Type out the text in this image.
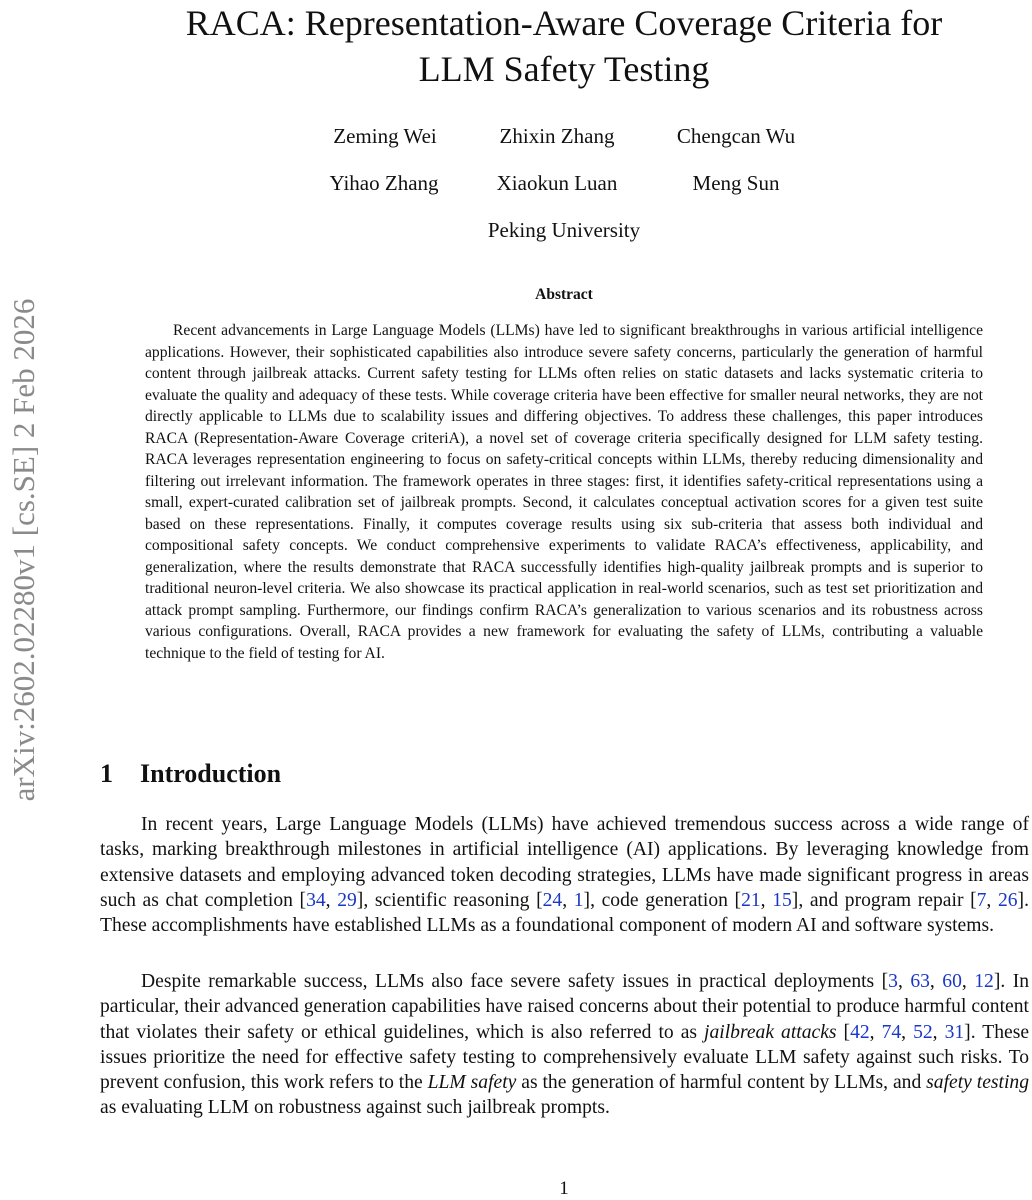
arXiv:2602.02280v1 [cs.SE] 2 Feb 2026
RACA: Representation-Aware Coverage Criteria for
LLM Safety Testing
Zeming Wei	Zhixin Zhang	Chengcan Wu
Yihao Zhang	Xiaokun Luan	Meng Sun
Peking University
Abstract

Recent advancements in Large Language Models (LLMs) have led to significant breakthroughs in various artificial intelligence applications. However, their sophisticated capabilities also introduce severe safety concerns, particularly the generation of harmful content through jailbreak attacks. Current safety testing for LLMs often relies on static datasets and lacks systematic criteria to evaluate the quality and adequacy of these tests. While coverage criteria have been effective for smaller neural networks, they are not directly applicable to LLMs due to scalability issues and differing objectives. To address these challenges, this paper introduces RACA (Representation-Aware Coverage criteriA), a novel set of coverage criteria specifically designed for LLM safety testing. RACA leverages representation engineering to focus on safety-critical concepts within LLMs, thereby reducing dimensionality and filtering out irrelevant information. The framework operates in three stages: first, it identifies safety-critical representations using a small, expert-curated calibration set of jailbreak prompts. Second, it calculates conceptual activation scores for a given test suite based on these representations. Finally, it computes coverage results using six sub-criteria that assess both individual and compositional safety concepts. We conduct comprehensive experiments to validate RACA’s effectiveness, applicability, and generalization, where the results demonstrate that RACA successfully identifies high-quality jailbreak prompts and is superior to traditional neuron-level criteria. We also showcase its practical application in real-world scenarios, such as test set prioritization and attack prompt sampling. Furthermore, our findings confirm RACA’s generalization to various scenarios and its robustness across various configurations. Overall, RACA provides a new framework for evaluating the safety of LLMs, contributing a valuable technique to the field of testing for AI.

1 Introduction

In recent years, Large Language Models (LLMs) have achieved tremendous success across a wide range of tasks, marking breakthrough milestones in artificial intelligence (AI) applications. By leveraging knowledge from extensive datasets and employing advanced token decoding strategies, LLMs have made significant progress in areas such as chat completion [34, 29], scientific reasoning [24, 1], code generation [21, 15], and program repair [7, 26]. These accomplishments have established LLMs as a foundational component of modern AI and software systems.

Despite remarkable success, LLMs also face severe safety issues in practical deployments [3, 63, 60, 12]. In particular, their advanced generation capabilities have raised concerns about their potential to produce harmful content that violates their safety or ethical guidelines, which is also referred to as jailbreak attacks [42, 74, 52, 31]. These issues prioritize the need for effective safety testing to comprehensively evaluate LLM safety against such risks. To prevent confusion, this work refers to the LLM safety as the generation of harmful content by LLMs, and safety testing as evaluating LLM on robustness against such jailbreak prompts.

1
